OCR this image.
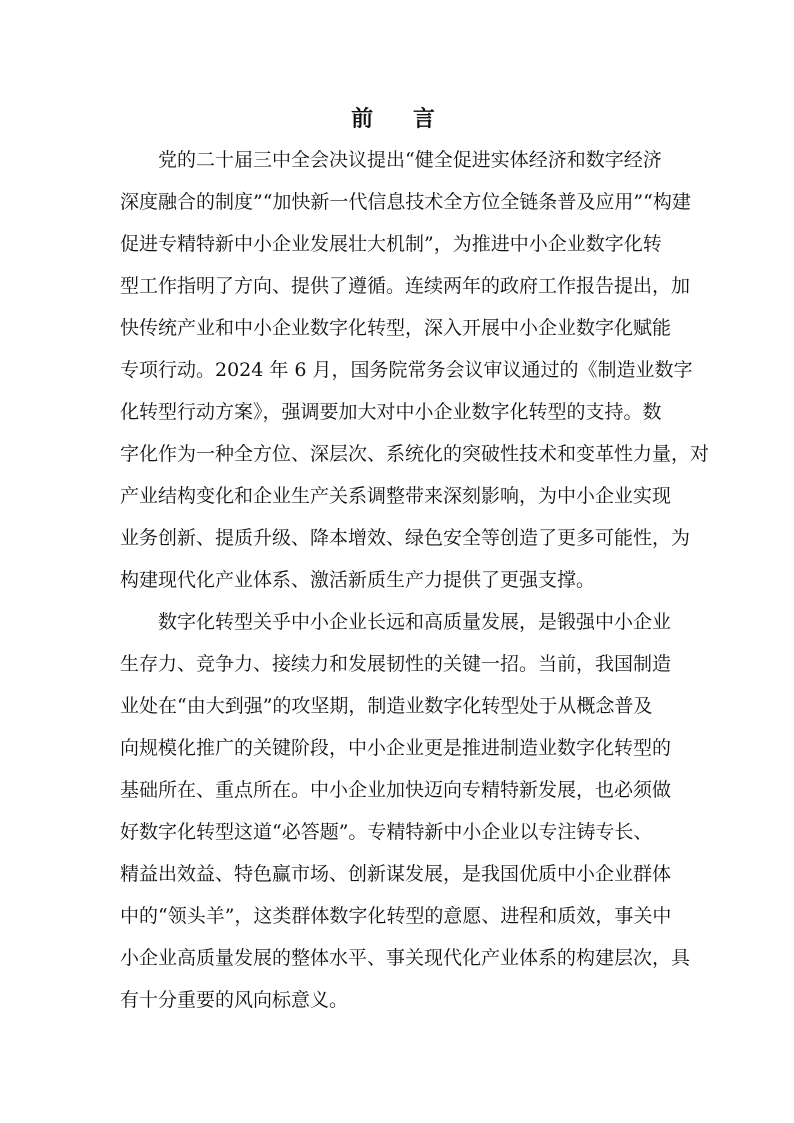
前 言
党的二十届三中全会决议提出“健全促进实体经济和数字经济
深度融合的制度”“加快新一代信息技术全方位全链条普及应用”“构建
促进专精特新中小企业发展壮大机制”，为推进中小企业数字化转
型工作指明了方向、提供了遵循。连续两年的政府工作报告提出，加
快传统产业和中小企业数字化转型，深入开展中小企业数字化赋能
专项行动。2024 年 6 月，国务院常务会议审议通过的《制造业数字
化转型行动方案》，强调要加大对中小企业数字化转型的支持。数
字化作为一种全方位、深层次、系统化的突破性技术和变革性力量，对
产业结构变化和企业生产关系调整带来深刻影响，为中小企业实现
业务创新、提质升级、降本增效、绿色安全等创造了更多可能性，为
构建现代化产业体系、激活新质生产力提供了更强支撑。
数字化转型关乎中小企业长远和高质量发展，是锻强中小企业
生存力、竞争力、接续力和发展韧性的关键一招。当前，我国制造
业处在“由大到强”的攻坚期，制造业数字化转型处于从概念普及
向规模化推广的关键阶段，中小企业更是推进制造业数字化转型的
基础所在、重点所在。中小企业加快迈向专精特新发展，也必须做
好数字化转型这道“必答题”。专精特新中小企业以专注铸专长、
精益出效益、特色赢市场、创新谋发展，是我国优质中小企业群体
中的“领头羊”，这类群体数字化转型的意愿、进程和质效，事关中
小企业高质量发展的整体水平、事关现代化产业体系的构建层次，具
有十分重要的风向标意义。
